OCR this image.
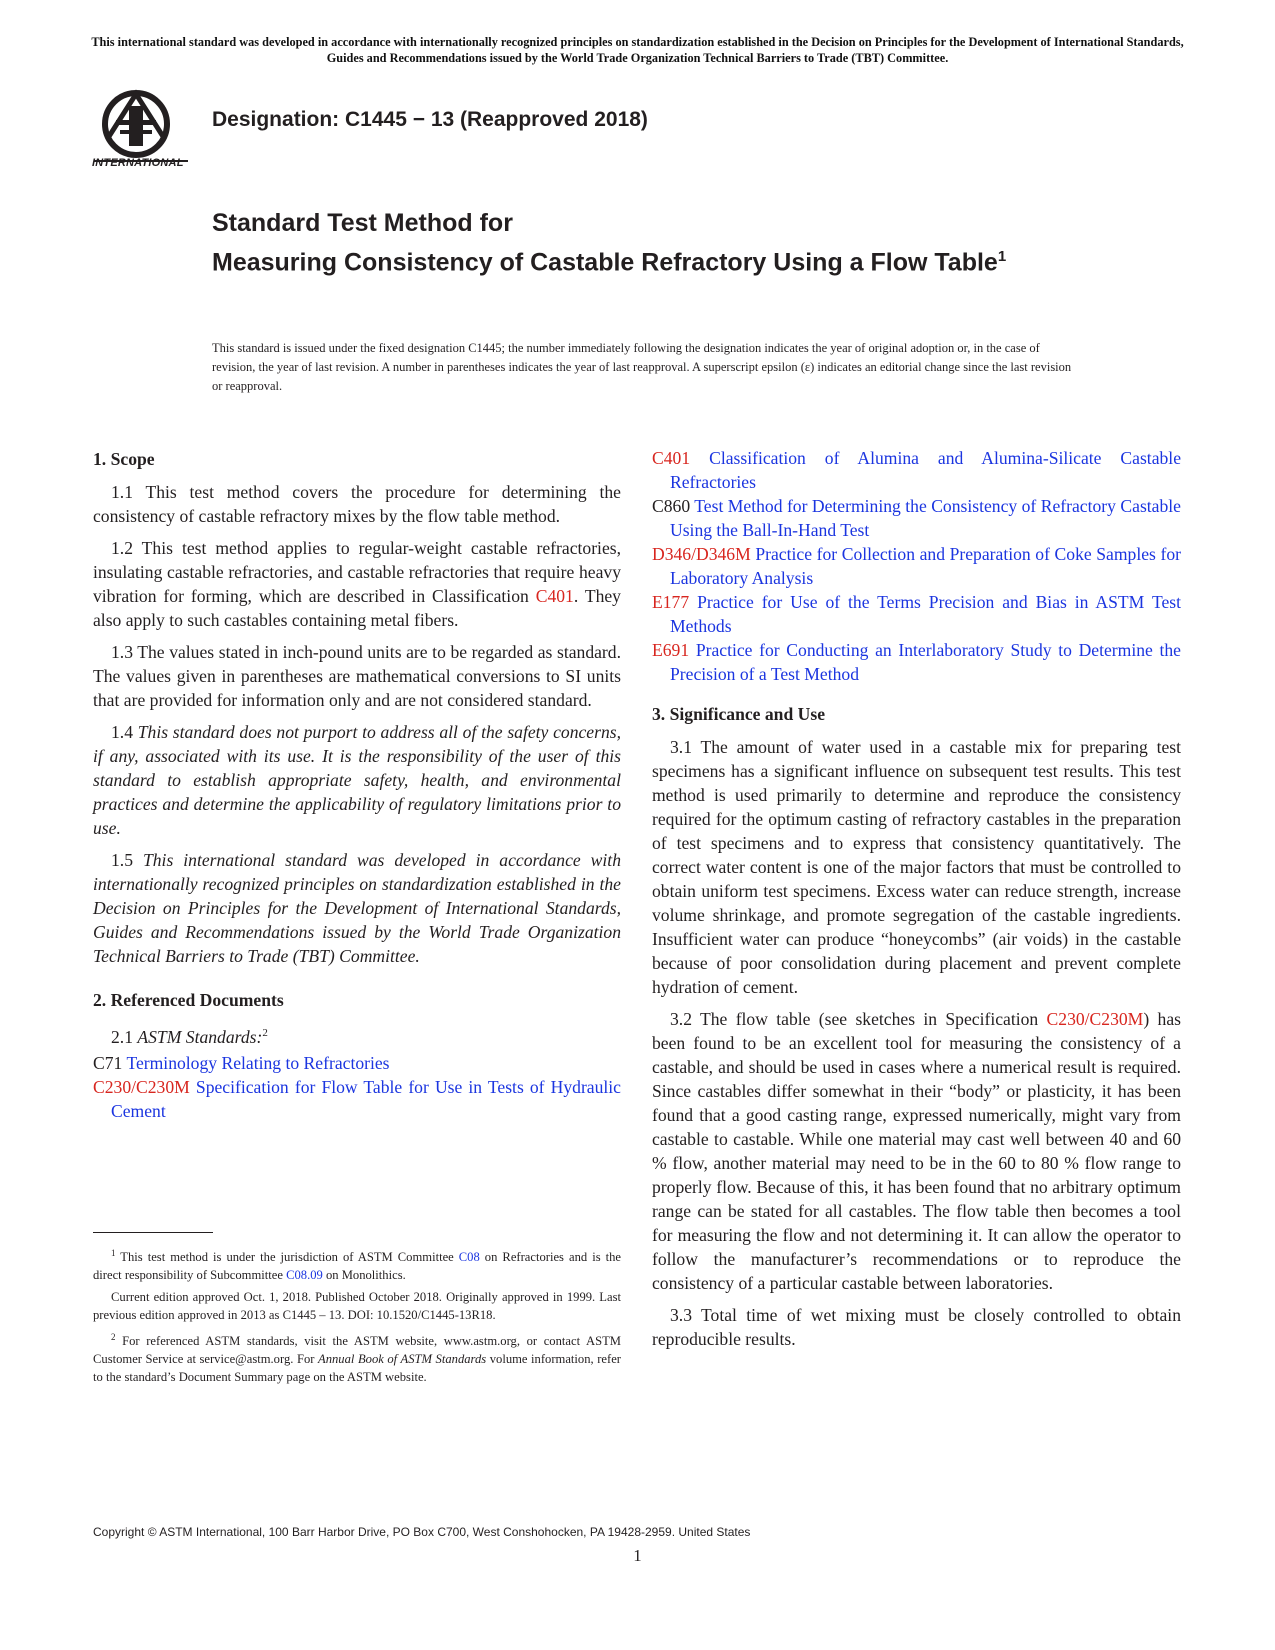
This international standard was developed in accordance with internationally recognized principles on standardization established in the Decision on Principles for the Development of International Standards, Guides and Recommendations issued by the World Trade Organization Technical Barriers to Trade (TBT) Committee.
INTERNATIONAL
Designation: C1445 − 13 (Reapproved 2018)
Standard Test Method for
Measuring Consistency of Castable Refractory Using a Flow Table$^1$
This standard is issued under the fixed designation C1445; the number immediately following the designation indicates the year of original adoption or, in the case of revision, the year of last revision. A number in parentheses indicates the year of last reapproval. A superscript epsilon (ε) indicates an editorial change since the last revision or reapproval.
1. Scope
1.1 This test method covers the procedure for determining the consistency of castable refractory mixes by the flow table method.
1.2 This test method applies to regular-weight castable refractories, insulating castable refractories, and castable refractories that require heavy vibration for forming, which are described in Classification C401. They also apply to such castables containing metal fibers.
1.3 The values stated in inch-pound units are to be regarded as standard. The values given in parentheses are mathematical conversions to SI units that are provided for information only and are not considered standard.
1.4 This standard does not purport to address all of the safety concerns, if any, associated with its use. It is the responsibility of the user of this standard to establish appropriate safety, health, and environmental practices and determine the applicability of regulatory limitations prior to use.
1.5 This international standard was developed in accordance with internationally recognized principles on standardization established in the Decision on Principles for the Development of International Standards, Guides and Recommendations issued by the World Trade Organization Technical Barriers to Trade (TBT) Committee.
2. Referenced Documents
2.1 ASTM Standards:$^2$
C71 Terminology Relating to Refractories
C230/C230M Specification for Flow Table for Use in Tests of Hydraulic Cement

$^1$ This test method is under the jurisdiction of ASTM Committee C08 on Refractories and is the direct responsibility of Subcommittee C08.09 on Monolithics.

Current edition approved Oct. 1, 2018. Published October 2018. Originally approved in 1999. Last previous edition approved in 2013 as C1445 – 13. DOI: 10.1520/C1445-13R18.

$^2$ For referenced ASTM standards, visit the ASTM website, www.astm.org, or contact ASTM Customer Service at service@astm.org. For Annual Book of ASTM Standards volume information, refer to the standard’s Document Summary page on the ASTM website.

C401 Classification of Alumina and Alumina-Silicate Castable Refractories
C860 Test Method for Determining the Consistency of Refractory Castable Using the Ball-In-Hand Test
D346/D346M Practice for Collection and Preparation of Coke Samples for Laboratory Analysis
E177 Practice for Use of the Terms Precision and Bias in ASTM Test Methods
E691 Practice for Conducting an Interlaboratory Study to Determine the Precision of a Test Method
3. Significance and Use
3.1 The amount of water used in a castable mix for preparing test specimens has a significant influence on subsequent test results. This test method is used primarily to determine and reproduce the consistency required for the optimum casting of refractory castables in the preparation of test specimens and to express that consistency quantitatively. The correct water content is one of the major factors that must be controlled to obtain uniform test specimens. Excess water can reduce strength, increase volume shrinkage, and promote segregation of the castable ingredients. Insufficient water can produce “honeycombs” (air voids) in the castable because of poor consolidation during placement and prevent complete hydration of cement.
3.2 The flow table (see sketches in Specification C230/C230M) has been found to be an excellent tool for measuring the consistency of a castable, and should be used in cases where a numerical result is required. Since castables differ somewhat in their “body” or plasticity, it has been found that a good casting range, expressed numerically, might vary from castable to castable. While one material may cast well between 40 and 60 % flow, another material may need to be in the 60 to 80 % flow range to properly flow. Because of this, it has been found that no arbitrary optimum range can be stated for all castables. The flow table then becomes a tool for measuring the flow and not determining it. It can allow the operator to follow the manufacturer’s recommendations or to reproduce the consistency of a particular castable between laboratories.
3.3 Total time of wet mixing must be closely controlled to obtain reproducible results.
Copyright © ASTM International, 100 Barr Harbor Drive, PO Box C700, West Conshohocken, PA 19428-2959. United States
1
